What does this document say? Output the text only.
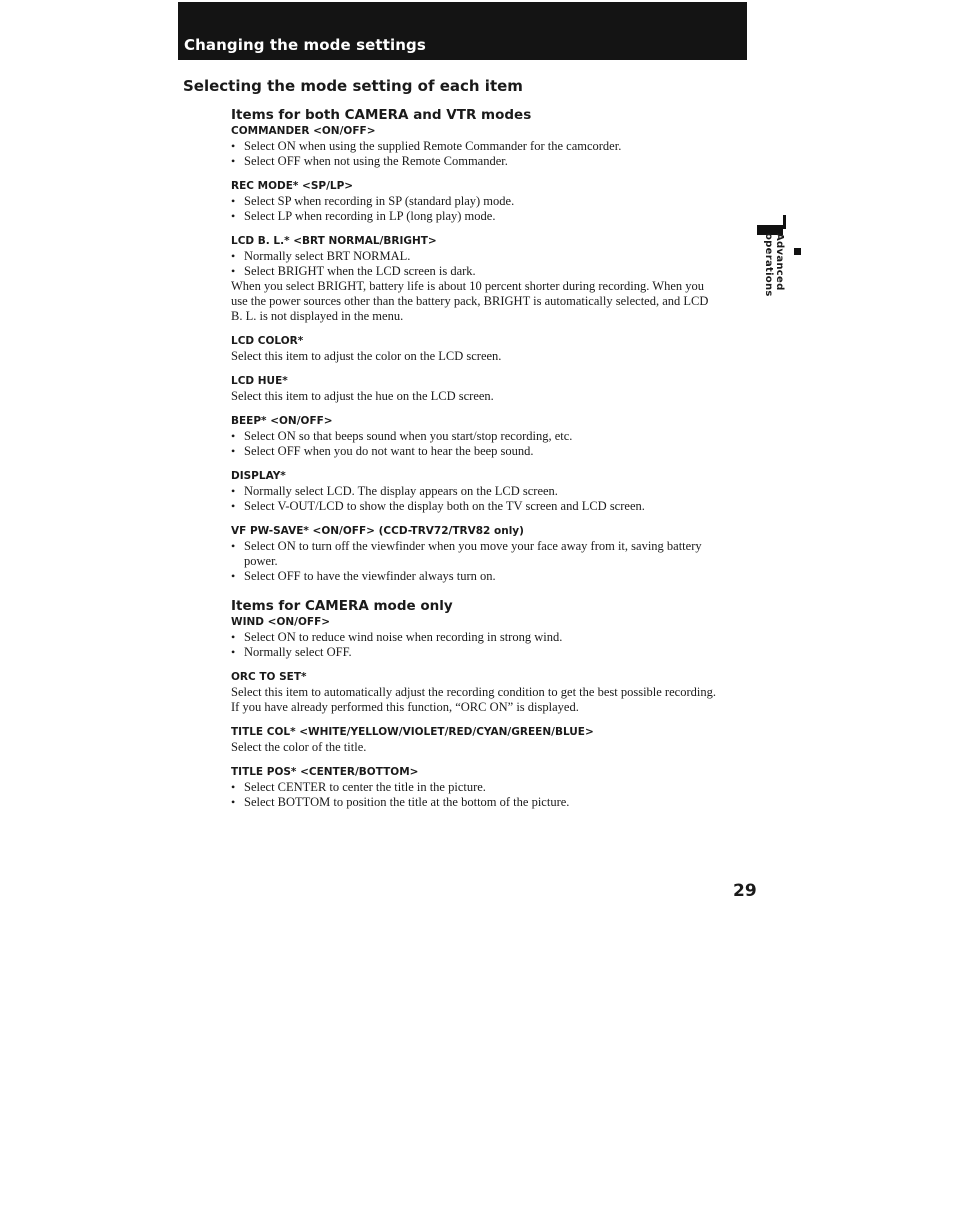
Changing the mode settings
Selecting the mode setting of each item
Items for both CAMERA and VTR modes
COMMANDER <ON/OFF>
• Select ON when using the supplied Remote Commander for the camcorder.
• Select OFF when not using the Remote Commander.
REC MODE* <SP/LP>
• Select SP when recording in SP (standard play) mode.
• Select LP when recording in LP (long play) mode.
LCD B. L.* <BRT NORMAL/BRIGHT>
• Normally select BRT NORMAL.
• Select BRIGHT when the LCD screen is dark.

When you select BRIGHT, battery life is about 10 percent shorter during recording. When you use the power sources other than the battery pack, BRIGHT is automatically selected, and LCD B. L. is not displayed in the menu.

LCD COLOR*

Select this item to adjust the color on the LCD screen.

LCD HUE*

Select this item to adjust the hue on the LCD screen.

BEEP* <ON/OFF>
• Select ON so that beeps sound when you start/stop recording, etc.
• Select OFF when you do not want to hear the beep sound.
DISPLAY*
• Normally select LCD. The display appears on the LCD screen.
• Select V-OUT/LCD to show the display both on the TV screen and LCD screen.
VF PW-SAVE* <ON/OFF> (CCD-TRV72/TRV82 only)
• Select ON to turn off the viewfinder when you move your face away from it, saving battery power.
• Select OFF to have the viewfinder always turn on.
Items for CAMERA mode only
WIND <ON/OFF>
• Select ON to reduce wind noise when recording in strong wind.
• Normally select OFF.
ORC TO SET*

Select this item to automatically adjust the recording condition to get the best possible recording.

If you have already performed this function, “ORC ON” is displayed.

TITLE COL* <WHITE/YELLOW/VIOLET/RED/CYAN/GREEN/BLUE>

Select the color of the title.

TITLE POS* <CENTER/BOTTOM>
• Select CENTER to center the title in the picture.
• Select BOTTOM to position the title at the bottom of the picture.
Advanced operations
29
